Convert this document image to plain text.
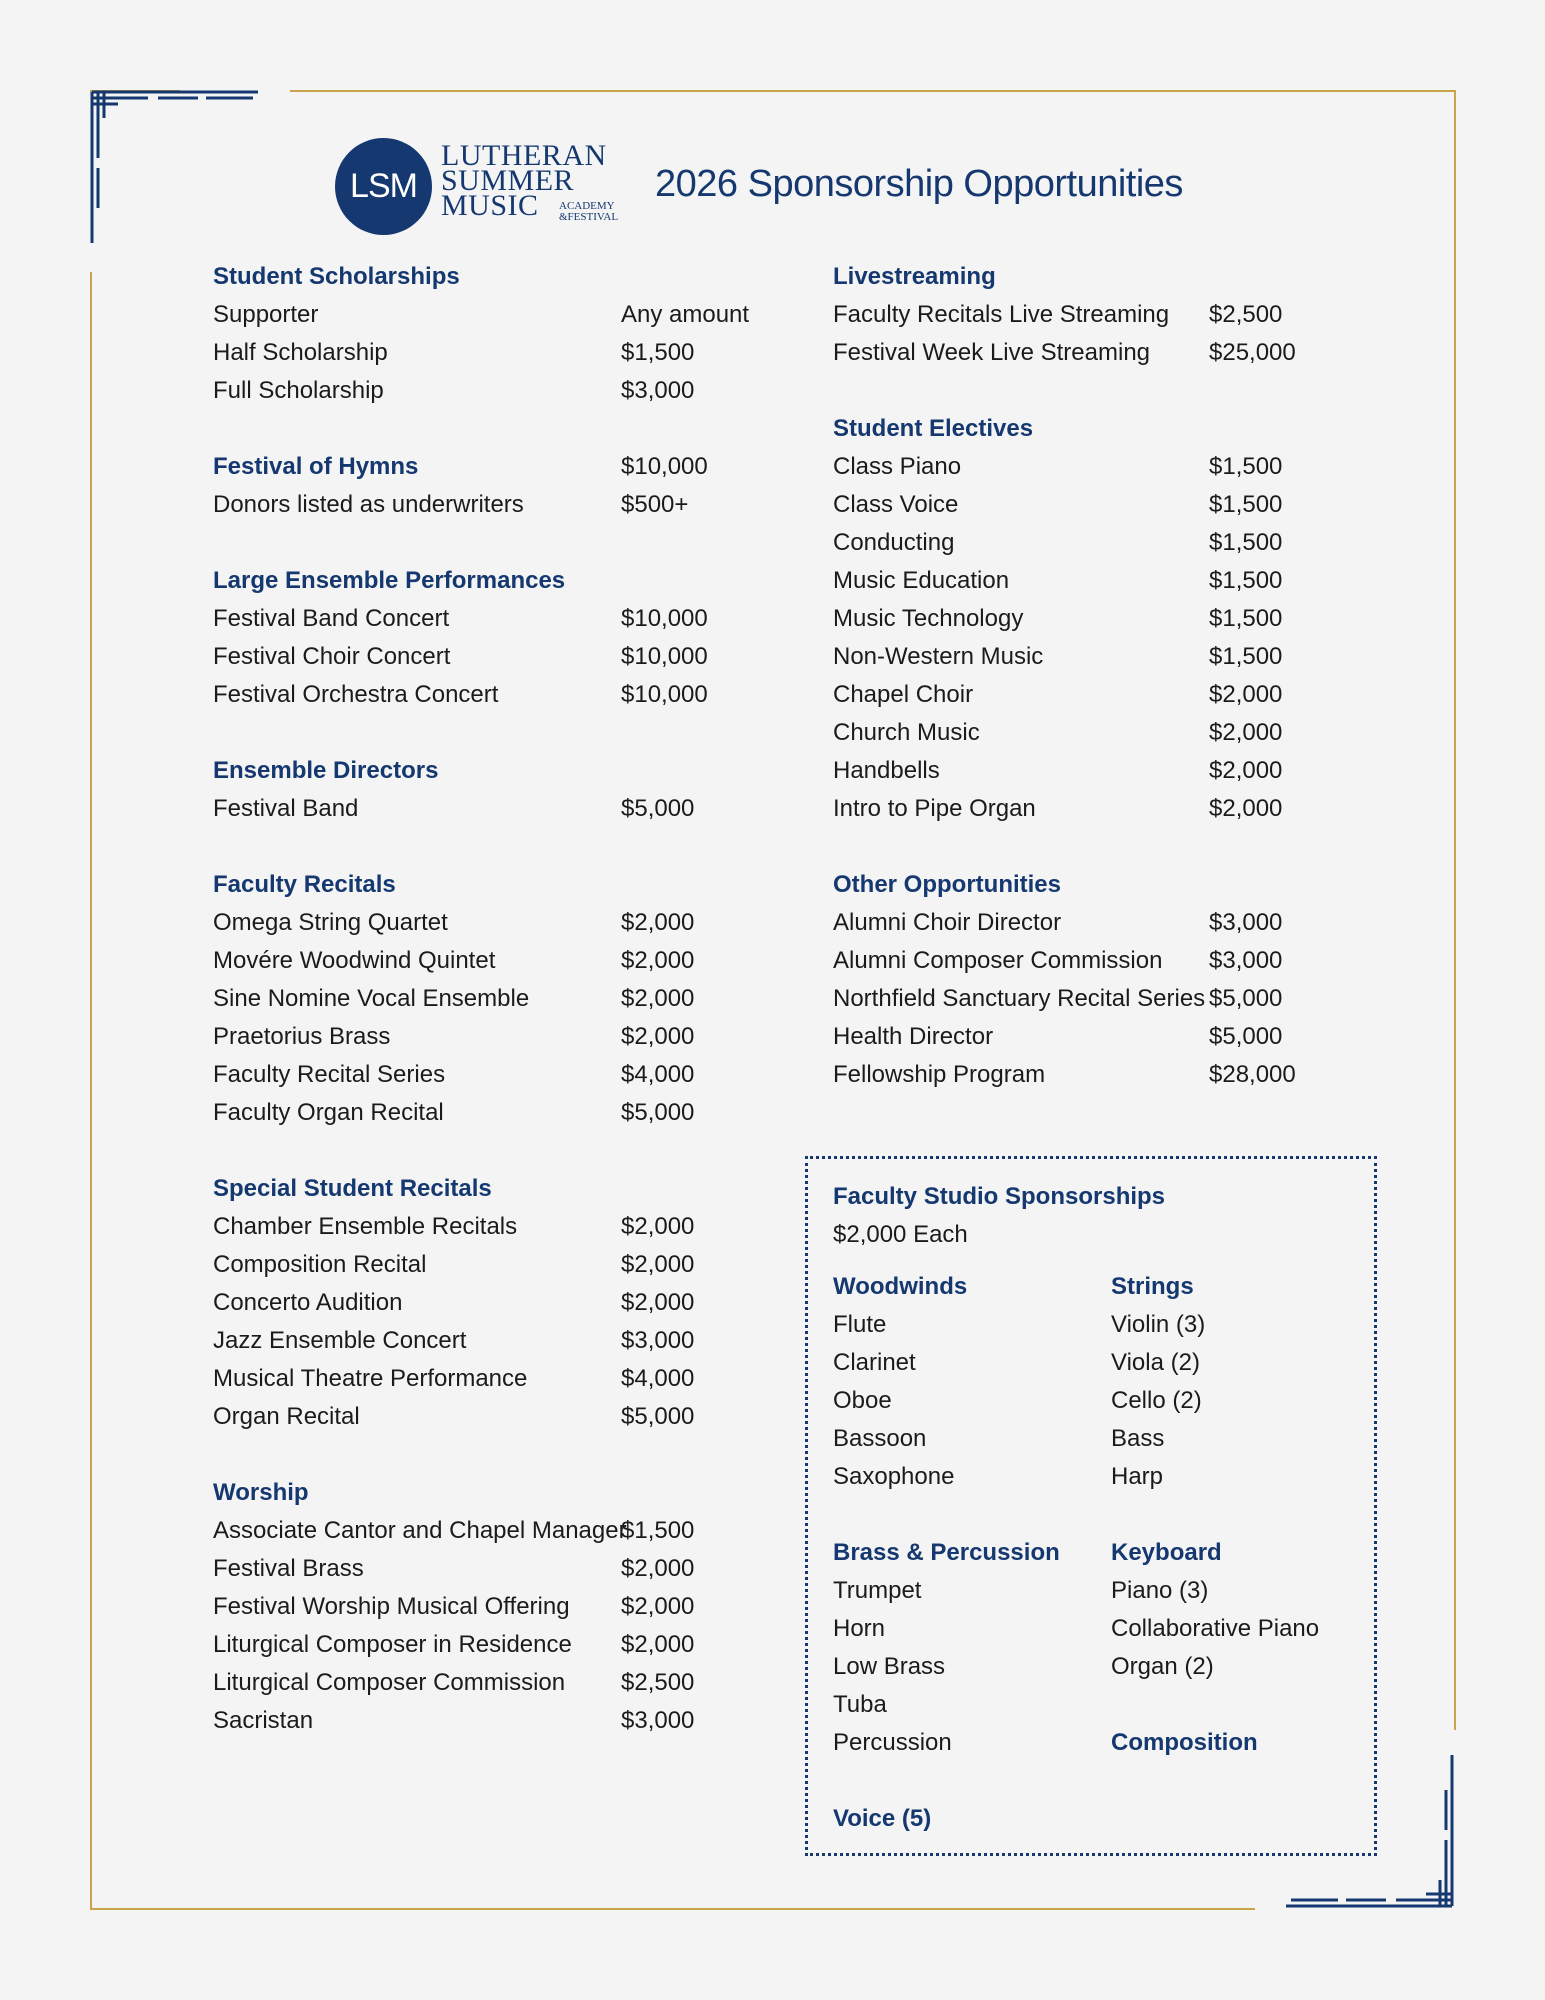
LSM
LUTHERAN
SUMMER
MUSIC	ACADEMY
&FESTIVAL
2026 Sponsorship Opportunities
Student Scholarships
Supporter	Any amount
Half Scholarship	$1,500
Full Scholarship	$3,000
Festival of Hymns	$10,000
Donors listed as underwriters	$500+
Large Ensemble Performances
Festival Band Concert	$10,000
Festival Choir Concert	$10,000
Festival Orchestra Concert	$10,000
Ensemble Directors
Festival Band	$5,000
Faculty Recitals
Omega String Quartet	$2,000
Movére Woodwind Quintet	$2,000
Sine Nomine Vocal Ensemble	$2,000
Praetorius Brass	$2,000
Faculty Recital Series	$4,000
Faculty Organ Recital	$5,000
Special Student Recitals
Chamber Ensemble Recitals	$2,000
Composition Recital	$2,000
Concerto Audition	$2,000
Jazz Ensemble Concert	$3,000
Musical Theatre Performance	$4,000
Organ Recital	$5,000
Worship
Associate Cantor and Chapel Manager
$1,500
Festival Brass	$2,000
Festival Worship Musical Offering $2,000
Liturgical Composer in Residence $2,000
Liturgical Composer Commission $2,500
Sacristan	$3,000
Livestreaming
Faculty Recitals Live Streaming $2,500
Festival Week Live Streaming $25,000
Student Electives
Class Piano	$1,500
Class Voice	$1,500
Conducting	$1,500
Music Education	$1,500
Music Technology	$1,500
Non-Western Music	$1,500
Chapel Choir	$2,000
Church Music	$2,000
Handbells	$2,000
Intro to Pipe Organ	$2,000
Other Opportunities
Alumni Choir Director	$3,000
Alumni Composer Commission $3,000
Northfield Sanctuary Recital Series $5,000
Health Director	$5,000
Fellowship Program	$28,000
Faculty Studio Sponsorships
$2,000 Each
Woodwinds
Flute
Clarinet
Oboe
Bassoon
Saxophone
Strings
Violin (3)
Viola (2)
Cello (2)
Bass
Harp
Brass & Percussion
Trumpet
Horn
Low Brass
Tuba
Percussion
Voice (5)
Keyboard
Piano (3)
Collaborative Piano
Organ (2)
Composition
